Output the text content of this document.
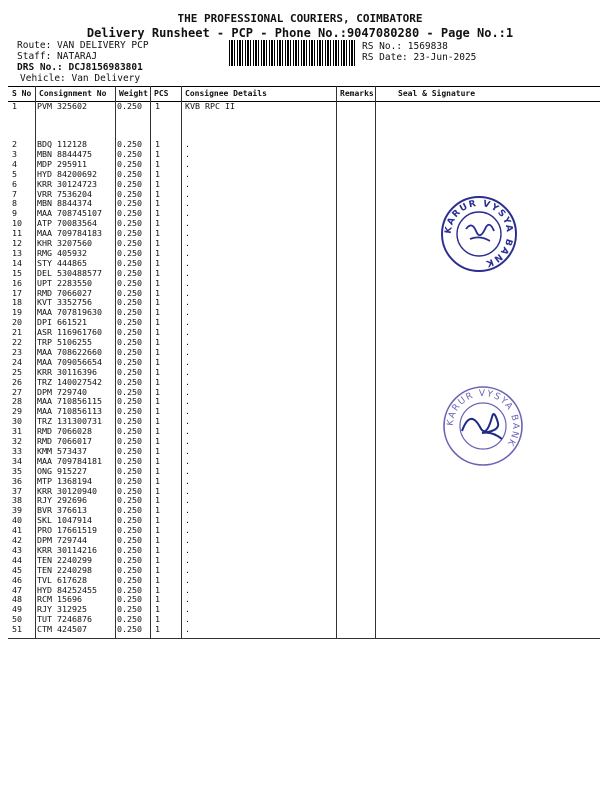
THE PROFESSIONAL COURIERS, COIMBATORE
Delivery Runsheet - PCP - Phone No.:9047080280 - Page No.:1
Route: VAN DELIVERY PCP
Staff: NATARAJ
DRS No.: DCJ8156983801
Vehicle: Van Delivery
RS No.: 1569838
RS Date: 23-Jun-2025
S No Consignment No Weight PCS Consignee Details	Remarks	Seal & Signature
1 PVM 325602	0.250 1	KVB RPC II
2 BDQ 112128	0.250 1	.
3 MBN 8844475	0.250 1	.
4 MDP 295911	0.250 1	.
5 HYD 84200692 0.250 1	.
6 KRR 30124723 0.250 1	.
7 VRR 7536204	0.250 1	.
8 MBN 8844374	0.250 1	.
9 MAA 708745107 0.250 1	.
10 ATP 70083564 0.250 1	.
11 MAA 709784183 0.250 1	.
12 KHR 3207560	0.250 1	.
13 RMG 405932	0.250 1	.
14 STY 444865	0.250 1	.
15 DEL 530488577 0.250 1	.
16 UPT 2283550	0.250 1	.
17 RMD 7066027	0.250 1	.
18 KVT 3352756	0.250 1	.
19 MAA 707819630 0.250 1	.
20 DPI 661521	0.250 1	.
21 ASR 116961760 0.250 1	.
22 TRP 5106255	0.250 1	.
23 MAA 708622660 0.250 1	.
24 MAA 709056654 0.250 1	.
25 KRR 30116396 0.250 1	.
26 TRZ 140027542 0.250 1	.
27 DPM 729740	0.250 1	.
28 MAA 710856115 0.250 1	.
29 MAA 710856113 0.250 1	.
30 TRZ 131300731 0.250 1	.
31 RMD 7066028	0.250 1	.
32 RMD 7066017	0.250 1	.
33 KMM 573437	0.250 1	.
34 MAA 709784181 0.250 1	.
35 ONG 915227	0.250 1	.
36 MTP 1368194	0.250 1	.
37 KRR 30120940 0.250 1	.
38 RJY 292696	0.250 1	.
39 BVR 376613	0.250 1	.
40 SKL 1047914	0.250 1	.
41 PRO 17661519 0.250 1	.
42 DPM 729744	0.250 1	.
43 KRR 30114216 0.250 1	.
44 TEN 2240299	0.250 1	.
45 TEN 2240298	0.250 1	.
46 TVL 617628	0.250 1	.
47 HYD 84252455 0.250 1	.
48 RCM 15696	0.250 1	.
49 RJY 312925	0.250 1	.
50 TUT 7246876	0.250 1	.
51 CTM 424507	0.250 1	.
KARUR VYSYA BANK
KARUR VYSYA BANK
